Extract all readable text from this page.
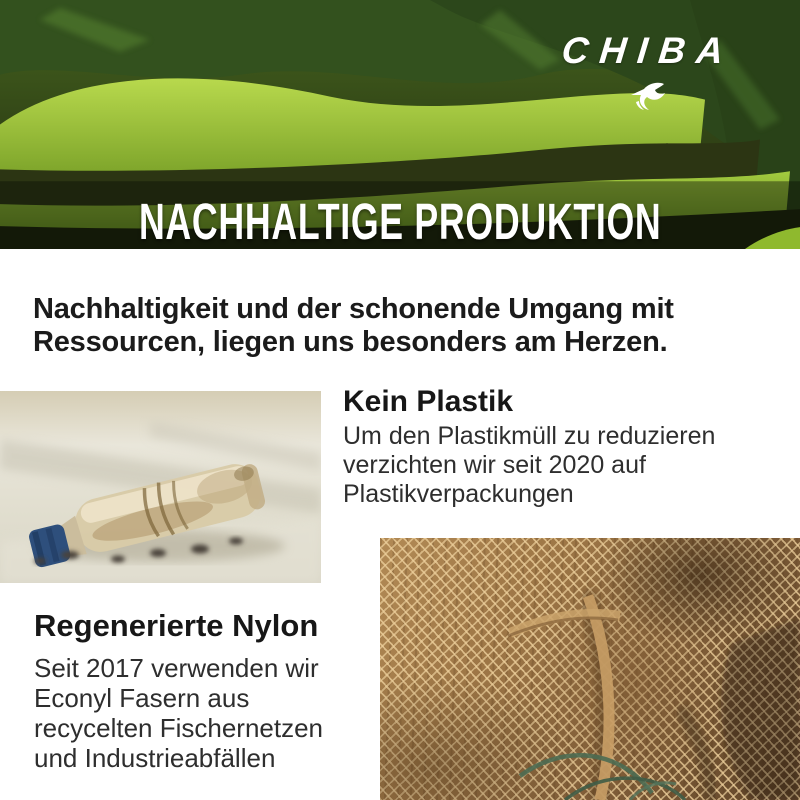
CHIBA
NACHHALTIGE PRODUKTION
Nachhaltigkeit und der schonende Umgang mit
Ressourcen, liegen uns besonders am Herzen.
Kein Plastik
Um den Plastikmüll zu reduzieren
verzichten wir seit 2020 auf
Plastikverpackungen
Regenerierte Nylon
Seit 2017 verwenden wir
Econyl Fasern aus
recycelten Fischernetzen
und Industrieabfällen
